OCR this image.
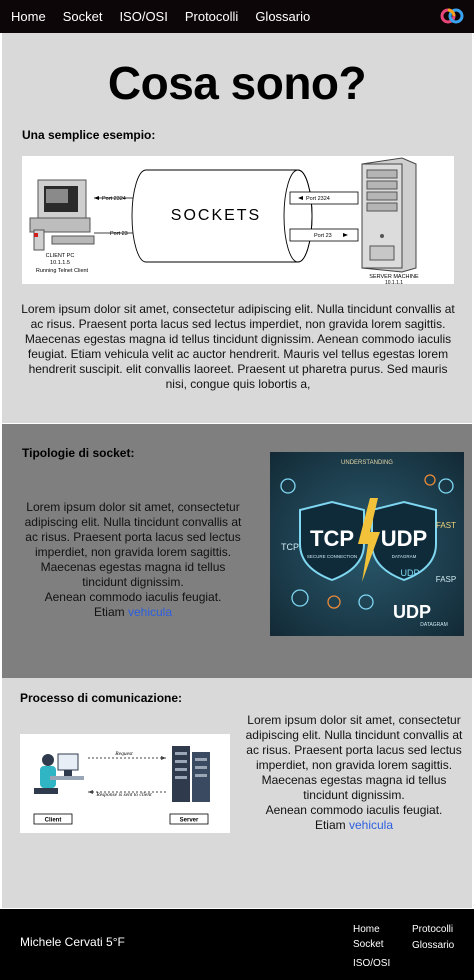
Home Socket ISO/OSI Protocolli Glossario
Cosa sono?
Una semplice esempio:
CLIENT PC
10.1.1.5
Running Telnet Client
Port 2324
Port 23
SOCKETS
Port 2324
Port 23
SERVER MACHINE
10.1.1.1

Lorem ipsum dolor sit amet, consectetur adipiscing elit. Nulla tincidunt convallis at ac risus. Praesent porta lacus sed lectus imperdiet, non gravida lorem sagittis. Maecenas egestas magna id tellus tincidunt dignissim. Aenean commodo iaculis feugiat. Etiam vehicula velit ac auctor hendrerit. Mauris vel tellus egestas lorem hendrerit suscipit. elit convallis laoreet. Praesent ut pharetra purus. Sed mauris nisi, congue quis lobortis a,

Tipologie di socket:
Lorem ipsum dolor sit amet, consectetur adipiscing elit. Nulla tincidunt convallis at ac risus. Praesent porta lacus sed lectus imperdiet, non gravida lorem sagittis. Maecenas egestas magna id tellus tincidunt dignissim.
Aenean commodo iaculis feugiat.
Etiam vehicula
UNDERSTANDING
TCP
SECURE CONNECTION
UDP
DATAGRAM
FAST
TCP
FASP
UDP
UDP
DATAGRAM
Processo di comunicazione:
Request
Response is sent to client
Client	Server
Lorem ipsum dolor sit amet, consectetur adipiscing elit. Nulla tincidunt convallis at ac risus. Praesent porta lacus sed lectus imperdiet, non gravida lorem sagittis. Maecenas egestas magna id tellus tincidunt dignissim.
Aenean commodo iaculis feugiat.
Etiam vehicula
Michele Cervati 5°F
Home
Socket
ISO/OSI
Protocolli
Glossario
